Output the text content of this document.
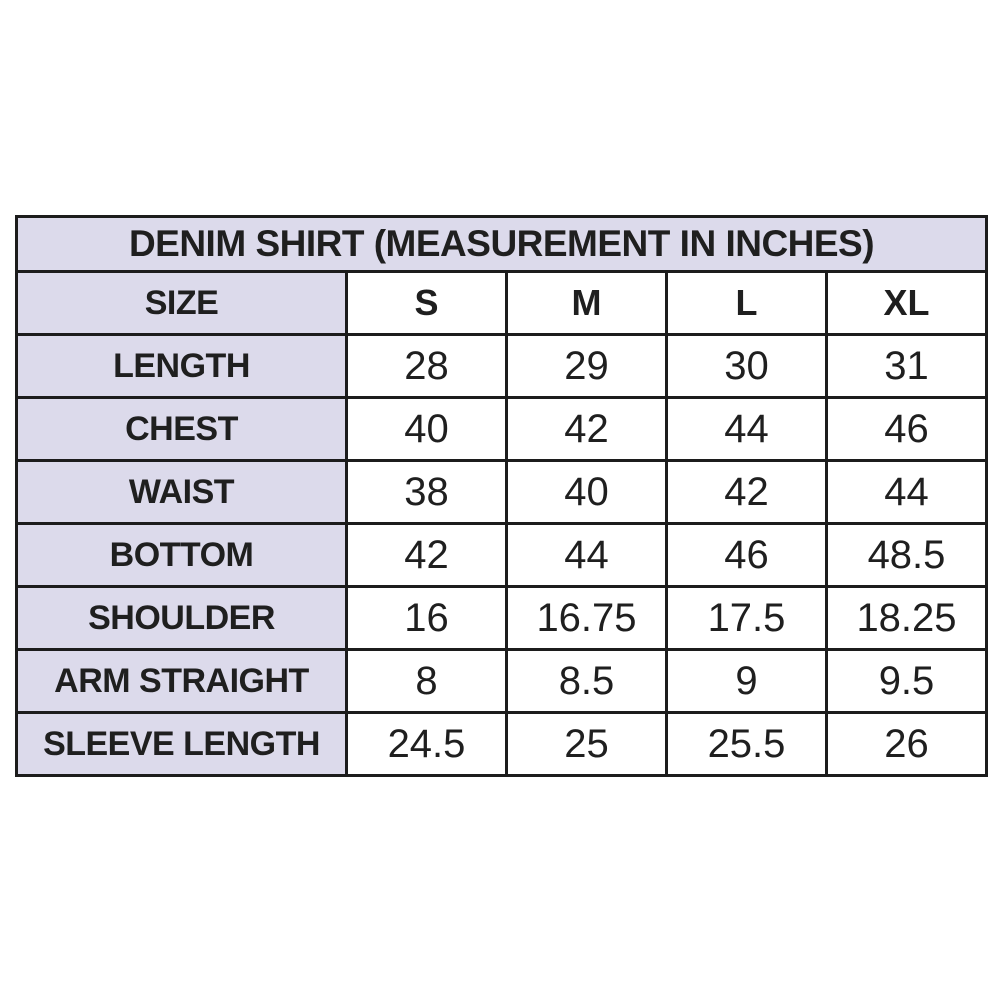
DENIM SHIRT (MEASUREMENT IN INCHES)				
SIZE	S	M	L	XL
LENGTH	28	29	30	31
CHEST	40	42	44	46
WAIST	38	40	42	44
BOTTOM	42	44	46	48.5
SHOULDER	16	16.75	17.5	18.25
ARM STRAIGHT	8	8.5	9	9.5
SLEEVE LENGTH	24.5	25	25.5	26
